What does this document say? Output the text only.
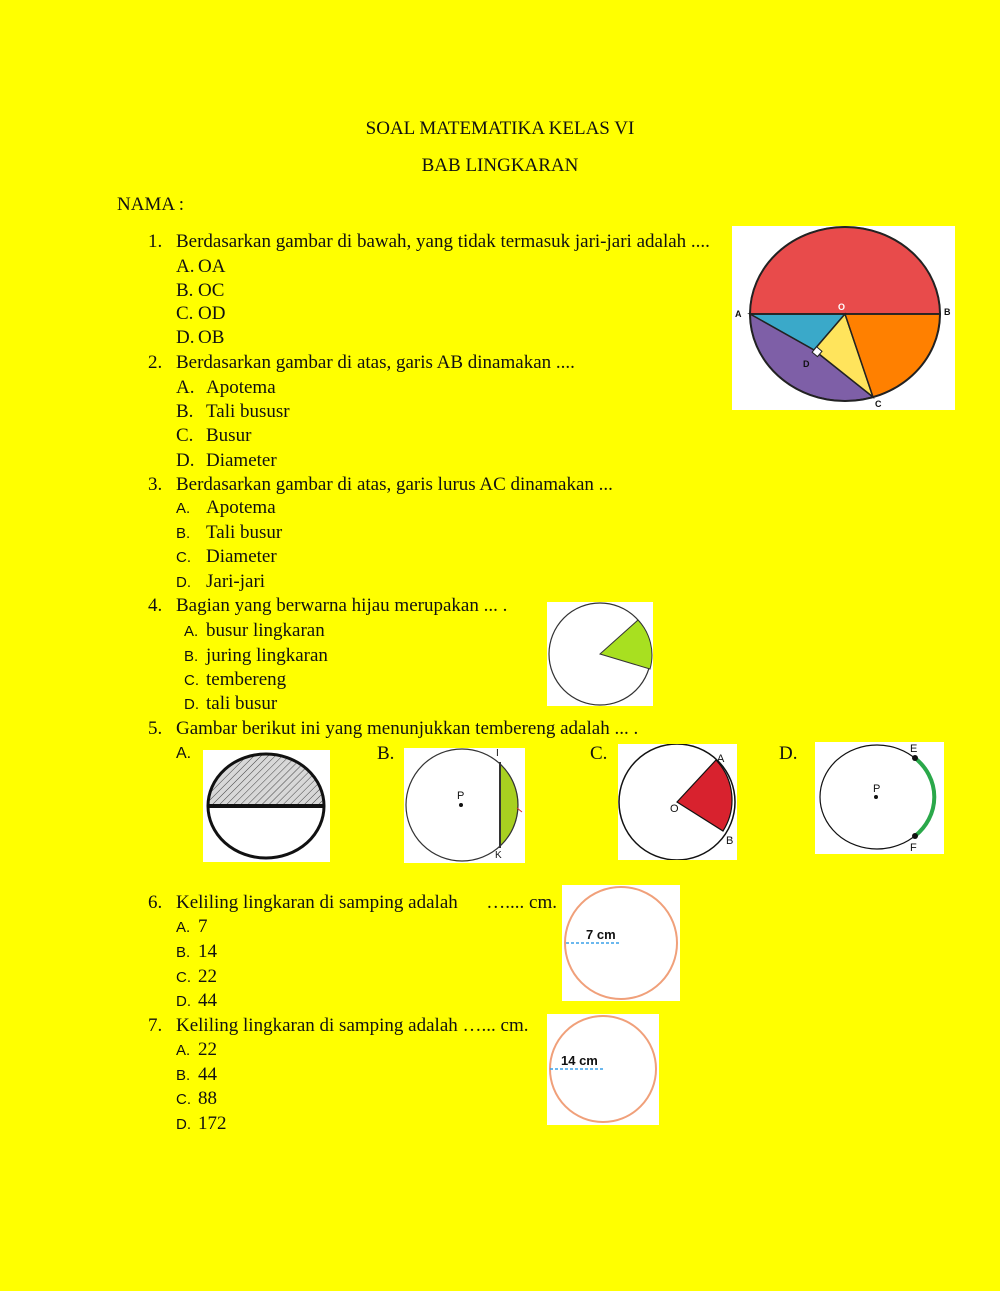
SOAL MATEMATIKA KELAS VI
BAB LINGKARAN
NAMA :
1. Berdasarkan gambar di bawah, yang tidak termasuk jari-jari adalah ....
A. OA
B. OC
C. OD
D. OB
2. Berdasarkan gambar di atas, garis AB dinamakan ....
A. Apotema
B. Tali bususr
C. Busur
D. Diameter
3. Berdasarkan gambar di atas, garis lurus AC dinamakan ...
A. Apotema
B. Tali busur
C. Diameter
D. Jari-jari
4. Bagian yang berwarna hijau merupakan ... .
A. busur lingkaran
B. juring lingkaran
C. tembereng
D. tali busur
5. Gambar berikut ini yang menunjukkan tembereng adalah ... .
A.	B.	C.	D.
6. Keliling lingkaran di samping adalah      ….... cm.
A. 7
B. 14
C. 22
D. 44
7. Keliling lingkaran di samping adalah …... cm.
A. 22
B. 44
C. 88
D. 172
O
A	B
C
D
P
K
I
O
A
B
P
E
F
7 cm
14 cm
